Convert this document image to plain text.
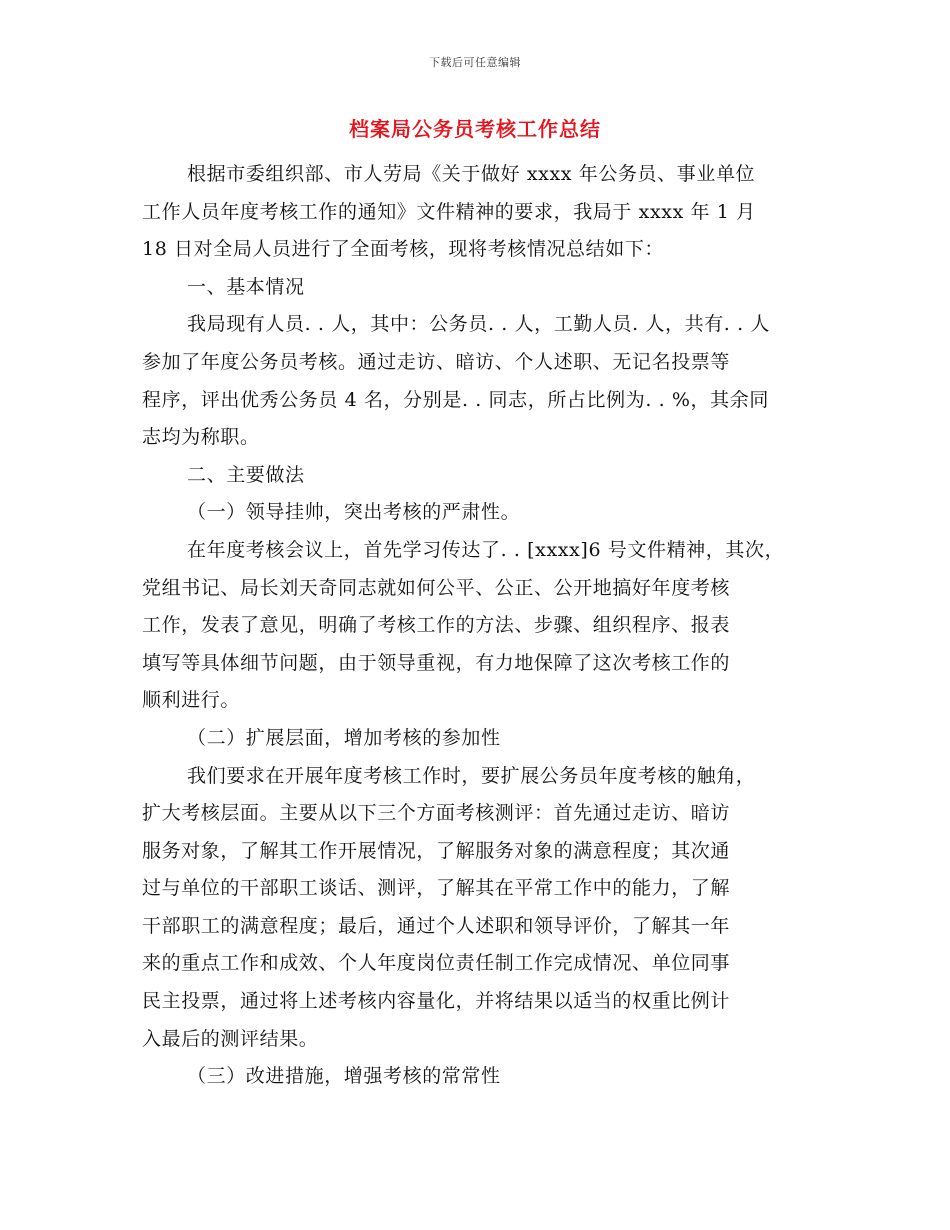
下载后可任意编辑
档案局公务员考核工作总结
根据市委组织部、市人劳局《关于做好 xxxx 年公务员、事业单位
工作人员年度考核工作的通知》文件精神的要求，我局于 xxxx 年 1 月
18 日对全局人员进行了全面考核，现将考核情况总结如下：
一、基本情况
我局现有人员. . 人，其中：公务员. . 人，工勤人员. 人，共有. . 人
参加了年度公务员考核。通过走访、暗访、个人述职、无记名投票等
程序，评出优秀公务员 4 名，分别是. . 同志，所占比例为. . %，其余同
志均为称职。
二、主要做法
（一）领导挂帅，突出考核的严肃性。
在年度考核会议上，首先学习传达了. . [xxxx]6 号文件精神，其次，
党组书记、局长刘天奇同志就如何公平、公正、公开地搞好年度考核
工作，发表了意见，明确了考核工作的方法、步骤、组织程序、报表
填写等具体细节问题，由于领导重视，有力地保障了这次考核工作的
顺利进行。
（二）扩展层面，增加考核的参加性
我们要求在开展年度考核工作时，要扩展公务员年度考核的触角，
扩大考核层面。主要从以下三个方面考核测评：首先通过走访、暗访
服务对象，了解其工作开展情况，了解服务对象的满意程度；其次通
过与单位的干部职工谈话、测评，了解其在平常工作中的能力，了解
干部职工的满意程度；最后，通过个人述职和领导评价，了解其一年
来的重点工作和成效、个人年度岗位责任制工作完成情况、单位同事
民主投票，通过将上述考核内容量化，并将结果以适当的权重比例计
入最后的测评结果。
（三）改进措施，增强考核的常常性
